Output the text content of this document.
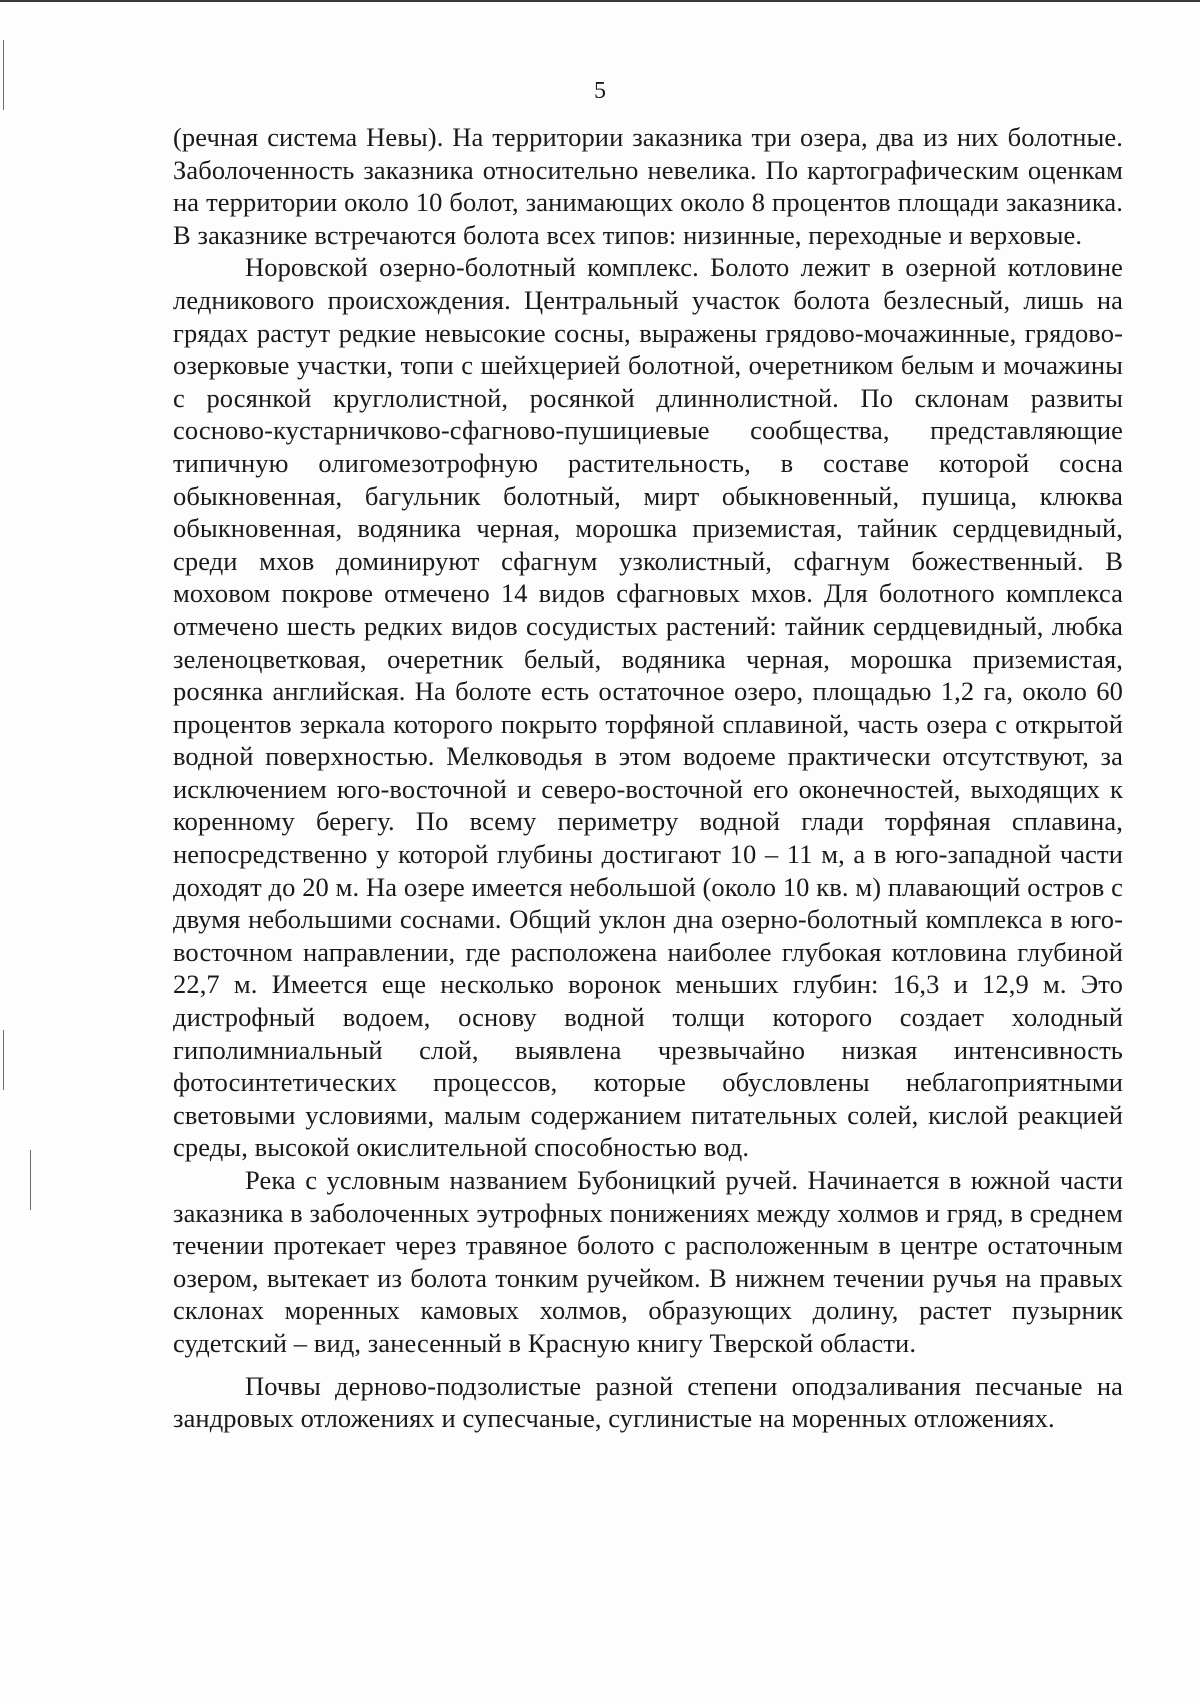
5

(речная система Невы). На территории заказника три озера, два из них болотные. Заболоченность заказника относительно невелика. По картографическим оценкам на территории около 10 болот, занимающих около 8 процентов площади заказника. В заказнике встречаются болота всех типов: низинные, переходные и верховые.

Норовской озерно-болотный комплекс. Болото лежит в озерной котловине ледникового происхождения. Центральный участок болота безлесный, лишь на грядах растут редкие невысокие сосны, выражены грядово-мочажинные, грядово-озерковые участки, топи с шейхцерией болотной, очеретником белым и мочажины с росянкой круглолистной, росянкой длиннолистной. По склонам развиты сосново-кустарничково-сфагново-пушициевые сообщества, представляющие типичную олигомезотрофную растительность, в составе которой сосна обыкновенная, багульник болотный, мирт обыкновенный, пушица, клюква обыкновенная, водяника черная, морошка приземистая, тайник сердцевидный, среди мхов доминируют сфагнум узколистный, сфагнум божественный. В моховом покрове отмечено 14 видов сфагновых мхов. Для болотного комплекса отмечено шесть редких видов сосудистых растений: тайник сердцевидный, любка зеленоцветковая, очеретник белый, водяника черная, морошка приземистая, росянка английская. На болоте есть остаточное озеро, площадью 1,2 га, около 60 процентов зеркала которого покрыто торфяной сплавиной, часть озера с открытой водной поверхностью. Мелководья в этом водоеме практически отсутствуют, за исключением юго-восточной и северо-восточной его оконечностей, выходящих к коренному берегу. По всему периметру водной глади торфяная сплавина, непосредственно у которой глубины достигают 10 – 11 м, а в юго-западной части доходят до 20 м. На озере имеется небольшой (около 10 кв. м) плавающий остров с двумя небольшими соснами. Общий уклон дна озерно-болотный комплекса в юго-восточном направлении, где расположена наиболее глубокая котловина глубиной 22,7 м. Имеется еще несколько воронок меньших глубин: 16,3 и 12,9 м. Это дистрофный водоем, основу водной толщи которого создает холодный гиполимниальный слой, выявлена чрезвычайно низкая интенсивность фотосинтетических процессов, которые обусловлены неблагоприятными световыми условиями, малым содержанием питательных солей, кислой реакцией среды, высокой окислительной способностью вод.

Река с условным названием Бубоницкий ручей. Начинается в южной части заказника в заболоченных эутрофных понижениях между холмов и гряд, в среднем течении протекает через травяное болото с расположенным в центре остаточным озером, вытекает из болота тонким ручейком. В нижнем течении ручья на правых склонах моренных камовых холмов, образующих долину, растет пузырник судетский – вид, занесенный в Красную книгу Тверской области.

Почвы дерново-подзолистые разной степени оподзаливания песчаные на зандровых отложениях и супесчаные, суглинистые на моренных отложениях.
